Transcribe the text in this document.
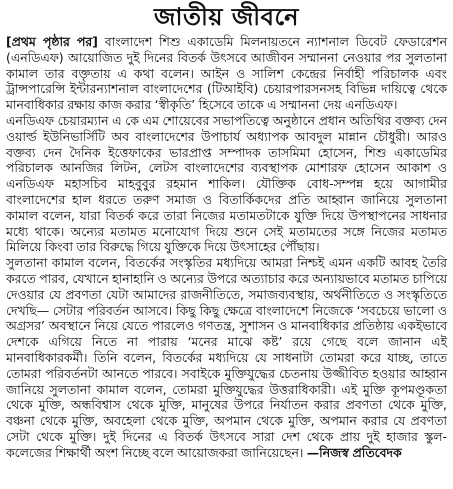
জাতীয় জীবনে

[প্রথম পৃষ্ঠার পর] বাংলাদেশ শিশু একাডেমি মিলনায়তনে ন্যাশনাল ডিবেট ফেডারেশন (এনডিএফ) আয়োজিত দুই দিনের বিতর্ক উৎসবে আজীবন সম্মাননা নেওয়ার পর সুলতানা কামাল তার বক্তৃতায় এ কথা বলেন। আইন ও সালিশ কেন্দ্রের নির্বাহী পরিচালক এবং ট্রান্সপারেন্সি ইন্টারন্যাশনাল বাংলাদেশের (টিআইবি) চেয়ারপারসনসহ বিভিন্ন দায়িত্বে থেকে মানবাধিকার রক্ষায় কাজ করার ‘স্বীকৃতি’ হিসেবে তাকে এ সম্মাননা দেয় এনডিএফ।

এনডিএফ চেয়ারম্যান এ কে এম শোয়েবের সভাপতিত্বে অনুষ্ঠানে প্রধান অতিথির বক্তব্য দেন ওয়ার্ল্ড ইউনিভার্সিটি অব বাংলাদেশের উপাচার্য অধ্যাপক আবদুল মান্নান চৌধুরী। আরও বক্তব্য দেন দৈনিক ইত্তেফাকের ভারপ্রাপ্ত সম্পাদক তাসমিমা হোসেন, শিশু একাডেমির পরিচালক আনজির লিটন, লেটস বাংলাদেশের ব্যবস্থাপক মোশারফ হোসেন আকাশ ও এনডিএফ মহাসচিব মাহবুবুর রহমান শাকিল। যৌক্তিক বোধ-সম্পন্ন হয়ে আগামীর বাংলাদেশের হাল ধরতে তরুণ সমাজ ও বিতার্কিকদের প্রতি আহ্বান জানিয়ে সুলতানা কামাল বলেন, যারা বিতর্ক করে তারা নিজের মতামতটাকে যুক্তি দিয়ে উপস্থাপনের সাধনার মধ্যে থাকে। অন্যের মতামত মনোযোগ দিয়ে শুনে সেই মতামতের সঙ্গে নিজের মতামত মিলিয়ে কিংবা তার বিরুদ্ধে গিয়ে যুক্তিকে দিয়ে উৎসাহের পৌঁছায়।

সুলতানা কামাল বলেন, বিতর্কের সংস্কৃতির মধ্যদিয়ে আমরা নিশ্চই এমন একটি আবহ তৈরি করতে পারব, যেখানে হানাহানি ও অন্যের উপরে অত্যাচার করে অন্যায়ভাবে মতামত চাপিয়ে দেওয়ার যে প্রবণতা যেটা আমাদের রাজনীতিতে, সমাজব্যবস্থায়, অর্থনীতিতে ও সংস্কৃতিতে দেখছি— সেটার পরিবর্তন আসবে। কিছু কিছু ক্ষেত্রে বাংলাদেশে নিজেকে ‘সবচেয়ে ভালো ও অগ্রসর’ অবস্থানে নিয়ে যেতে পারলেও গণতন্ত্র, সুশাসন ও মানবাধিকার প্রতিষ্ঠায় একইভাবে দেশকে এগিয়ে নিতে না পারায় ‘মনের মাঝে কষ্ট’ রয়ে গেছে বলে জানান এই মানবাধিকারকর্মী। তিনি বলেন, বিতর্কের মধ্যদিয়ে যে সাধনাটা তোমরা করে যাচ্ছ, তাতে তোমরা পরিবর্তনটা আনতে পারবে। সবাইকে মুক্তিযুদ্ধের চেতনায় উজ্জীবিত হওয়ার আহ্বান জানিয়ে সুলতানা কামাল বলেন, তোমরা মুক্তিযুদ্ধের উত্তরাধিকারী। এই মুক্তি কূপমণ্ডূকতা থেকে মুক্তি, অন্ধবিশ্বাস থেকে মুক্তি, মানুষের উপরে নির্যাতন করার প্রবণতা থেকে মুক্তি, বঞ্চনা থেকে মুক্তি, অবহেলা থেকে মুক্তি, অপমান থেকে মুক্তি, অপমান করার যে প্রবণতা সেটা থেকে মুক্তি। দুই দিনের এ বিতর্ক উৎসবে সারা দেশ থেকে প্রায় দুই হাজার স্কুল-কলেজের শিক্ষার্থী অংশ নিচ্ছে বলে আয়োজকরা জানিয়েছেন। —নিজস্ব প্রতিবেদক
